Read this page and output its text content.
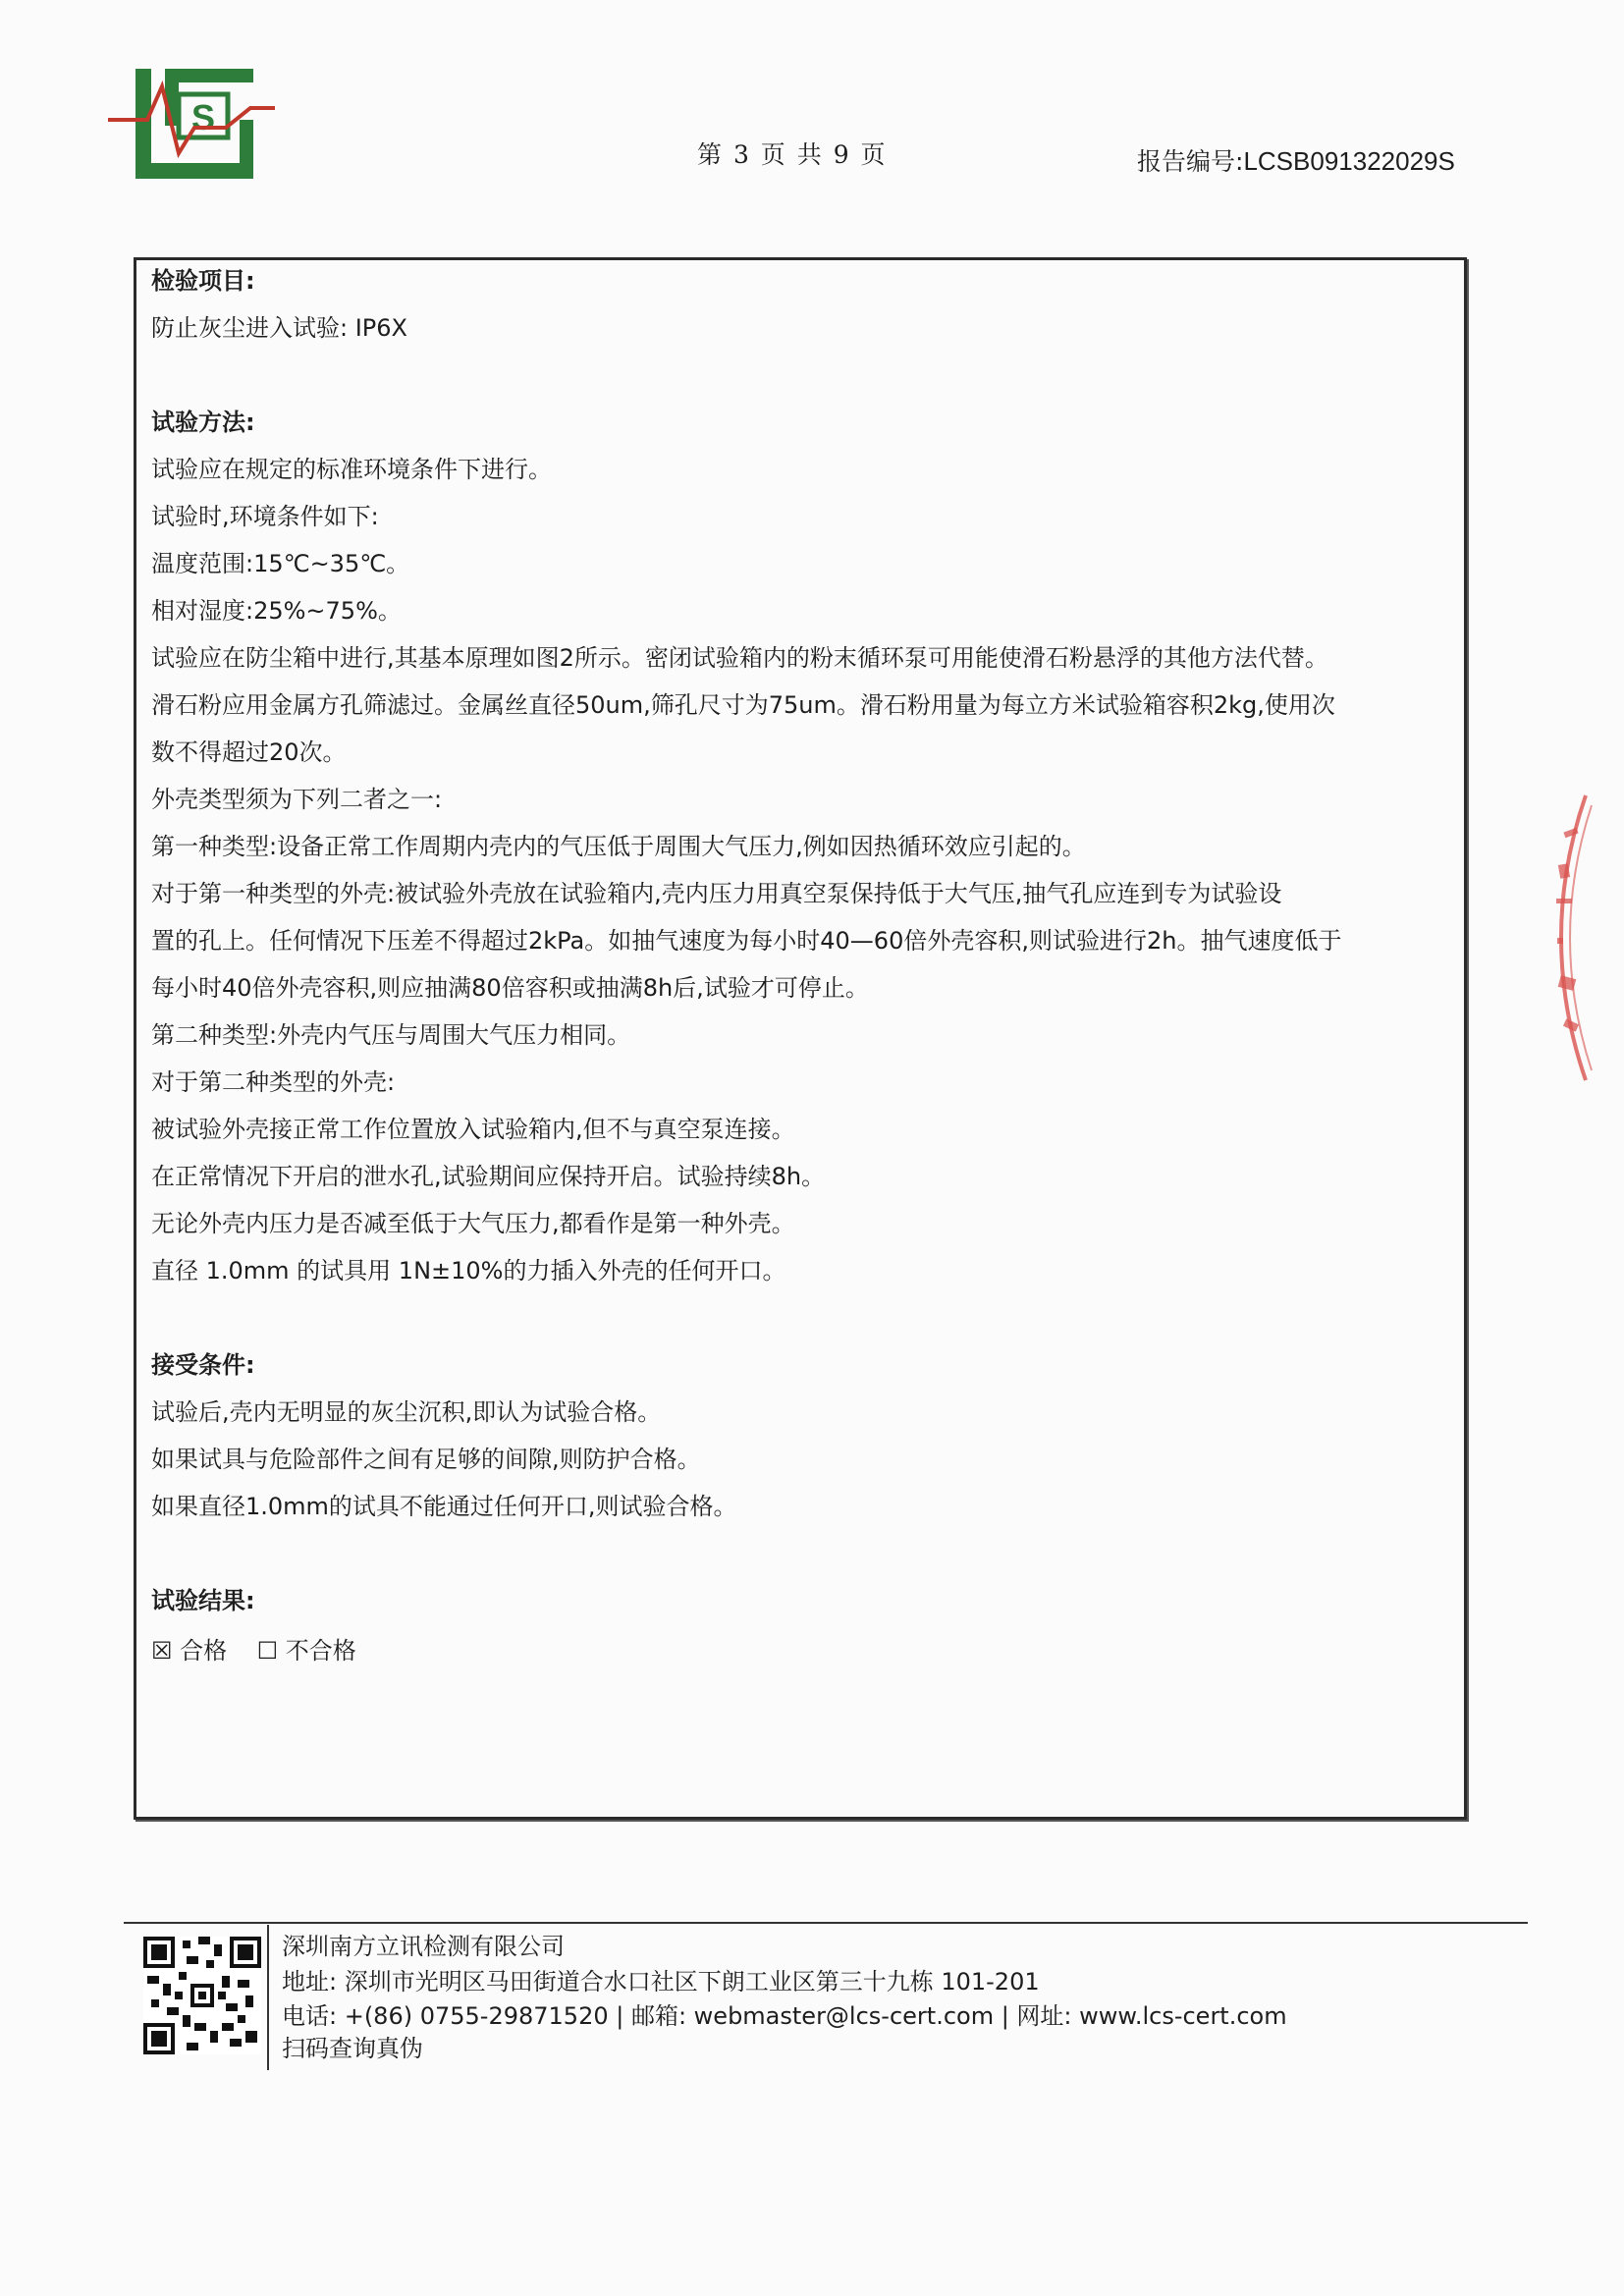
S
第 3 页 共 9 页	报告编号:LCSB091322029S
检验项目:
防止灰尘进入试验: IP6X
试验方法:
试验应在规定的标准环境条件下进行。
试验时,环境条件如下:
温度范围:15℃~35℃。
相对湿度:25%~75%。
试验应在防尘箱中进行,其基本原理如图2所示。密闭试验箱内的粉末循环泵可用能使滑石粉悬浮的其他方法代替。
滑石粉应用金属方孔筛滤过。金属丝直径50um,筛孔尺寸为75um。滑石粉用量为每立方米试验箱容积2kg,使用次
数不得超过20次。
外壳类型须为下列二者之一:
第一种类型:设备正常工作周期内壳内的气压低于周围大气压力,例如因热循环效应引起的。
对于第一种类型的外壳:被试验外壳放在试验箱内,壳内压力用真空泵保持低于大气压,抽气孔应连到专为试验设
置的孔上。任何情况下压差不得超过2kPa。如抽气速度为每小时40—60倍外壳容积,则试验进行2h。抽气速度低于
每小时40倍外壳容积,则应抽满80倍容积或抽满8h后,试验才可停止。
第二种类型:外壳内气压与周围大气压力相同。
对于第二种类型的外壳:
被试验外壳接正常工作位置放入试验箱内,但不与真空泵连接。
在正常情况下开启的泄水孔,试验期间应保持开启。试验持续8h。
无论外壳内压力是否减至低于大气压力,都看作是第一种外壳。
直径 1.0mm 的试具用 1N±10%的力插入外壳的任何开口。
接受条件:
试验后,壳内无明显的灰尘沉积,即认为试验合格。
如果试具与危险部件之间有足够的间隙,则防护合格。
如果直径1.0mm的试具不能通过任何开口,则试验合格。
试验结果:
☒ 合格    ☐ 不合格
深圳南方立讯检测有限公司
地址: 深圳市光明区马田街道合水口社区下朗工业区第三十九栋 101-201
电话: +(86) 0755-29871520 | 邮箱: webmaster@lcs-cert.com | 网址: www.lcs-cert.com
扫码查询真伪
